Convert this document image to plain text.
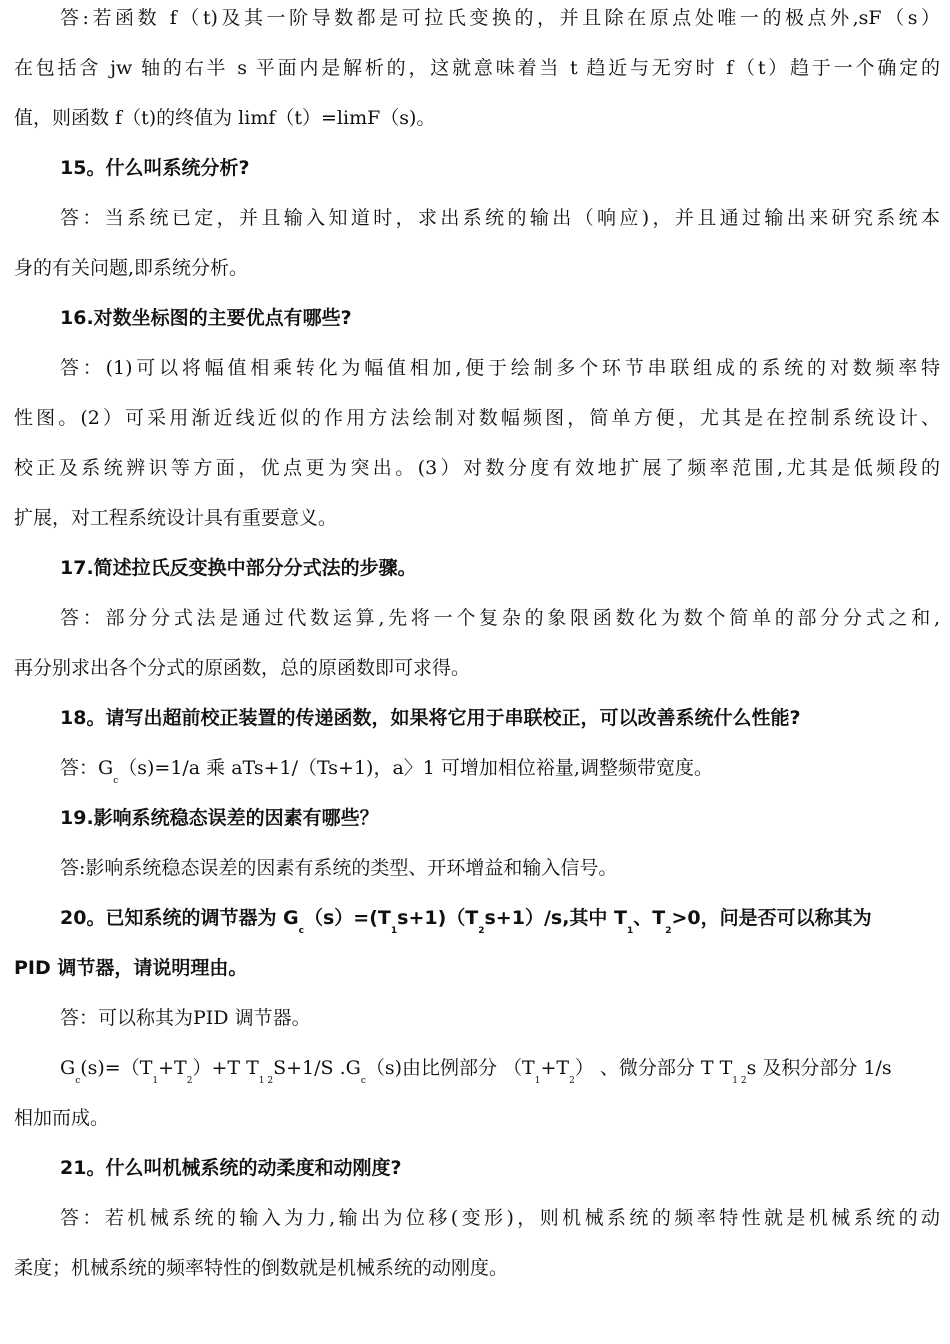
答:若函数 f（t)及其一阶导数都是可拉氏变换的，并且除在原点处唯一的极点外,sF（s）
在包括含 jw 轴的右半 s 平面内是解析的，这就意味着当 t 趋近与无穷时 f（t）趋于一个确定的
值，则函数 f（t)的终值为 limf（t）=limF（s)。
15。什么叫系统分析?
答：当系统已定，并且输入知道时，求出系统的输出（响应)，并且通过输出来研究系统本
身的有关问题,即系统分析。
16.对数坐标图的主要优点有哪些?
答：(1)可以将幅值相乘转化为幅值相加,便于绘制多个环节串联组成的系统的对数频率特
性图。(2）可采用渐近线近似的作用方法绘制对数幅频图，简单方便，尤其是在控制系统设计、
校正及系统辨识等方面，优点更为突出。(3）对数分度有效地扩展了频率范围,尤其是低频段的
扩展，对工程系统设计具有重要意义。
17.简述拉氏反变换中部分分式法的步骤。
答：部分分式法是通过代数运算,先将一个复杂的象限函数化为数个简单的部分分式之和,
再分别求出各个分式的原函数，总的原函数即可求得。
18。请写出超前校正装置的传递函数，如果将它用于串联校正，可以改善系统什么性能?
答：$G_c(s)=1/a$ 乘 aTs+1/（Ts+1)，a〉1 可增加相位裕量,调整频带宽度。
19.影响系统稳态误差的因素有哪些？
答:影响系统稳态误差的因素有系统的类型、开环增益和输入信号。
20。已知系统的调节器为 $G_c(s)=(T_1s+1)(T_2s+1)/s$,其中 $T_1$、$T_2>0$，问是否可以称其为
PID 调节器，请说明理由。
答：可以称其为PID 调节器。
$G_c(s)=(T_1+T_2)+T$ $T_{1 2}S+1/S$ $.G_c(s)$由比例部分 $(T_1+T_2)$ 、微分部分 T $T_{1 2}s$ 及积分部分 1/s
相加而成。
21。什么叫机械系统的动柔度和动刚度?
答：若机械系统的输入为力,输出为位移(变形)，则机械系统的频率特性就是机械系统的动
柔度；机械系统的频率特性的倒数就是机械系统的动刚度。
